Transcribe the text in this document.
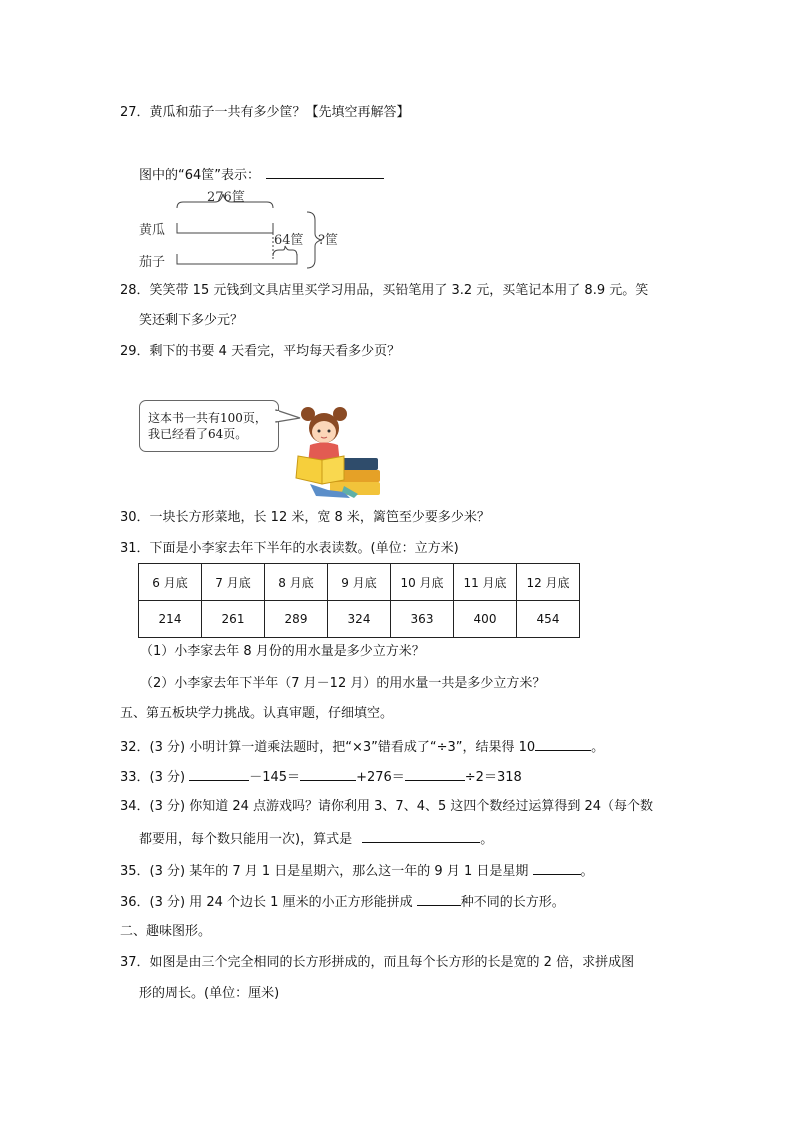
27．黄瓜和茄子一共有多少筐？【先填空再解答】
图中的“64筐”表示：
276筐
黄瓜
64筐
茄子
?筐
28．笑笑带 15 元钱到文具店里买学习用品，买铅笔用了 3.2 元，买笔记本用了 8.9 元。笑
笑还剩下多少元？
29．剩下的书要 4 天看完，平均每天看多少页？
这本书一共有100页，
我已经看了64页。
30．一块长方形菜地，长 12 米，宽 8 米，篱笆至少要多少米？
31．下面是小李家去年下半年的水表读数。(单位：立方米)
6 月底	7 月底	8 月底	9 月底	10 月底	11 月底	12 月底
214	261	289	324	363	400	454
（1）小李家去年 8 月份的用水量是多少立方米？
（2）小李家去年下半年（7 月－12 月）的用水量一共是多少立方米？
五、第五板块学力挑战。认真审题，仔细填空。
32．(3 分) 小明计算一道乘法题时，把“×3”错看成了“÷3”，结果得 10	。
33．(3 分)	－145＝	+276＝	÷2＝318
34．(3 分) 你知道 24 点游戏吗？请你利用 3、7、4、5 这四个数经过运算得到 24（每个数
都要用，每个数只能用一次)，算式是	。
35．(3 分) 某年的 7 月 1 日是星期六，那么这一年的 9 月 1 日是星期	。
36．(3 分) 用 24 个边长 1 厘米的小正方形能拼成	种不同的长方形。
二、趣味图形。
37．如图是由三个完全相同的长方形拼成的，而且每个长方形的长是宽的 2 倍，求拼成图
形的周长。(单位：厘米)
